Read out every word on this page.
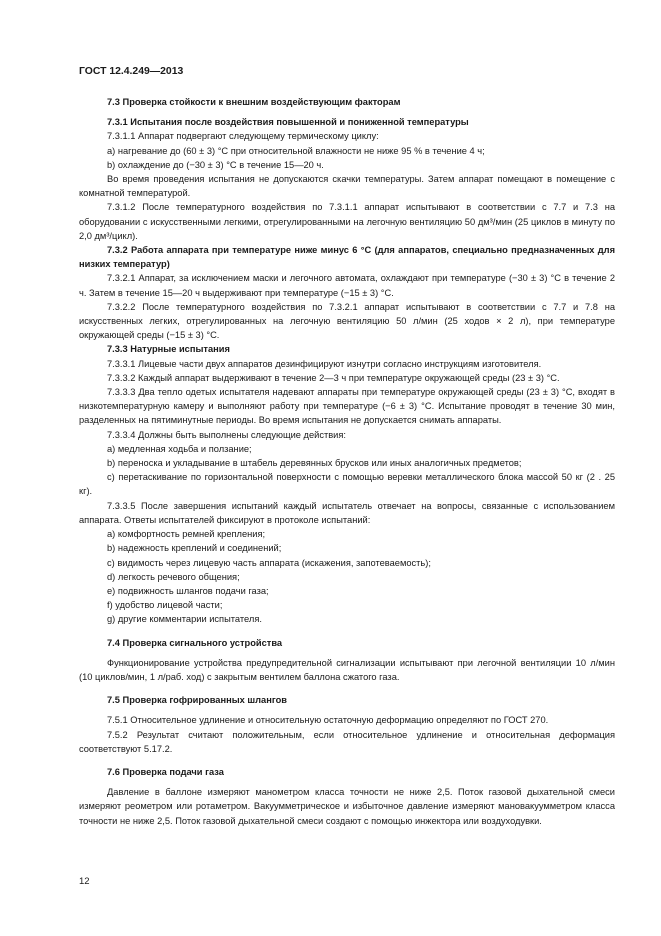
ГОСТ 12.4.249—2013

7.3 Проверка стойкости к внешним воздействующим факторам

7.3.1 Испытания после воздействия повышенной и пониженной температуры

7.3.1.1 Аппарат подвергают следующему термическому циклу:

a) нагревание до (60 ± 3) °С при относительной влажности не ниже 95 % в течение 4 ч;

b) охлаждение до (−30 ± 3) °С в течение 15—20 ч.

Во время проведения испытания не допускаются скачки температуры. Затем аппарат помещают в помещение с комнатной температурой.

7.3.1.2 После температурного воздействия по 7.3.1.1 аппарат испытывают в соответствии с 7.7 и 7.3 на оборудовании с искусственными легкими, отрегулированными на легочную вентиляцию 50 дм³/мин (25 циклов в минуту по 2,0 дм³/цикл).

7.3.2 Работа аппарата при температуре ниже минус 6 °С (для аппаратов, специально предназначенных для низких температур)

7.3.2.1 Аппарат, за исключением маски и легочного автомата, охлаждают при температуре (−30 ± 3) °С в течение 2 ч. Затем в течение 15—20 ч выдерживают при температуре (−15 ± 3) °С.

7.3.2.2 После температурного воздействия по 7.3.2.1 аппарат испытывают в соответствии с 7.7 и 7.8 на искусственных легких, отрегулированных на легочную вентиляцию 50 л/мин (25 ходов × 2 л), при температуре окружающей среды (−15 ± 3) °С.

7.3.3 Натурные испытания

7.3.3.1 Лицевые части двух аппаратов дезинфицируют изнутри согласно инструкциям изготовителя.

7.3.3.2 Каждый аппарат выдерживают в течение 2—3 ч при температуре окружающей среды (23 ± 3) °С.

7.3.3.3 Два тепло одетых испытателя надевают аппараты при температуре окружающей среды (23 ± 3) °С, входят в низкотемпературную камеру и выполняют работу при температуре (−6 ± 3) °С. Испытание проводят в течение 30 мин, разделенных на пятиминутные периоды. Во время испытания не допускается снимать аппараты.

7.3.3.4 Должны быть выполнены следующие действия:

a) медленная ходьба и ползание;

b) переноска и укладывание в штабель деревянных брусков или иных аналогичных предметов;

c) перетаскивание по горизонтальной поверхности с помощью веревки металлического блока массой 50 кг (2 . 25 кг).

7.3.3.5 После завершения испытаний каждый испытатель отвечает на вопросы, связанные с использованием аппарата. Ответы испытателей фиксируют в протоколе испытаний:

a) комфортность ремней крепления;

b) надежность креплений и соединений;

c) видимость через лицевую часть аппарата (искажения, запотеваемость);

d) легкость речевого общения;

e) подвижность шлангов подачи газа;

f) удобство лицевой части;

g) другие комментарии испытателя.

7.4 Проверка сигнального устройства

Функционирование устройства предупредительной сигнализации испытывают при легочной вентиляции 10 л/мин (10 циклов/мин, 1 л/раб. ход) с закрытым вентилем баллона сжатого газа.

7.5 Проверка гофрированных шлангов

7.5.1 Относительное удлинение и относительную остаточную деформацию определяют по ГОСТ 270.

7.5.2 Результат считают положительным, если относительное удлинение и относительная деформация соответствуют 5.17.2.

7.6 Проверка подачи газа

Давление в баллоне измеряют манометром класса точности не ниже 2,5. Поток газовой дыхательной смеси измеряют реометром или ротаметром. Вакуумметрическое и избыточное давление измеряют мановакуумметром класса точности не ниже 2,5. Поток газовой дыхательной смеси создают с помощью инжектора или воздуходувки.

12
